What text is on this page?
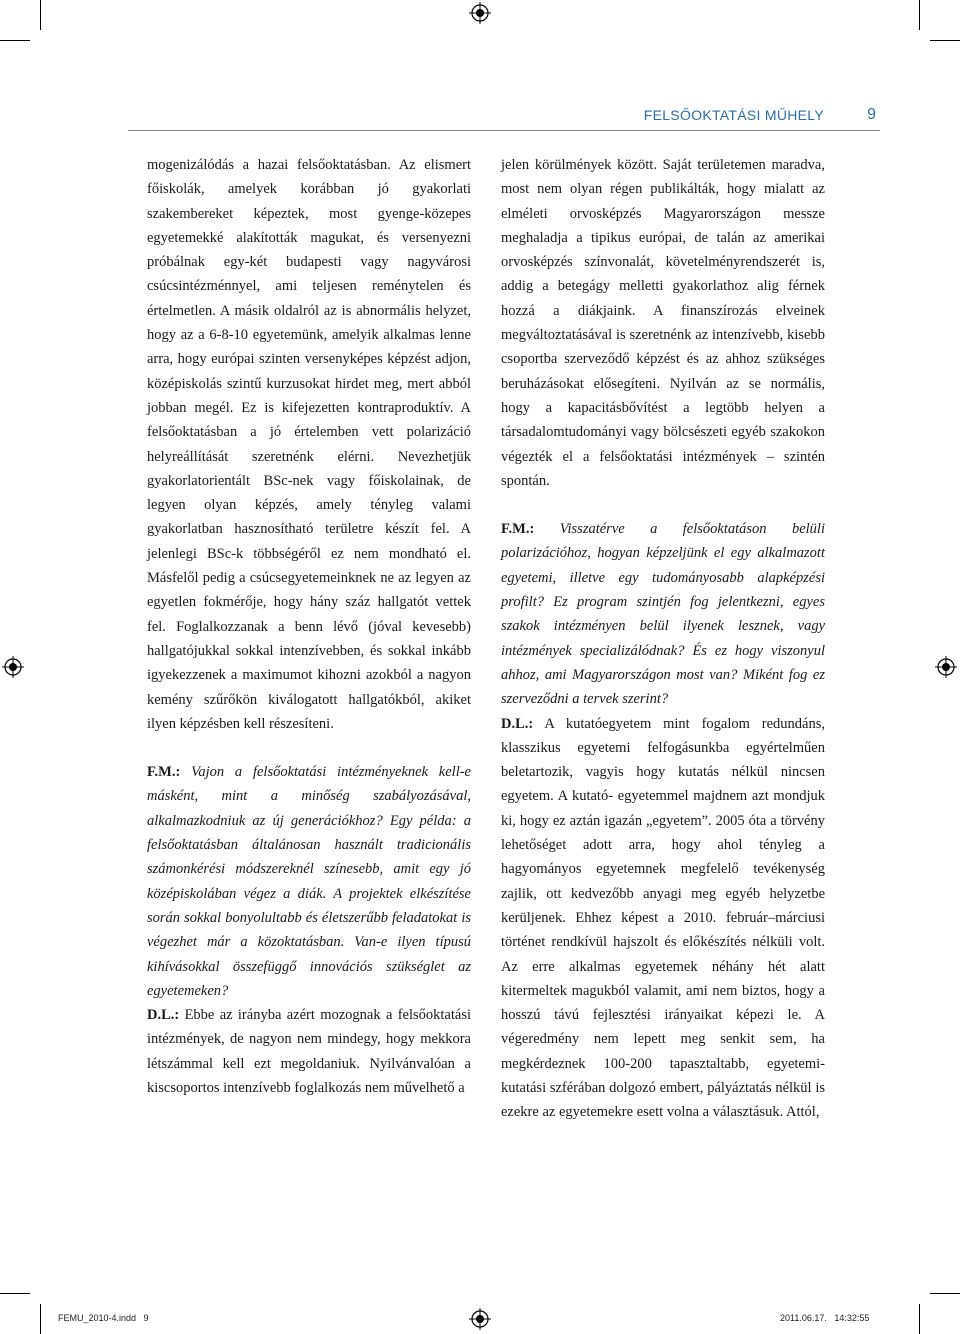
FELSŐOKTATÁSI MŰHELY	9

mogenizálódás a hazai felsőoktatásban. Az elismert főiskolák, amelyek korábban jó gyakorlati szakembereket képeztek, most gyenge-közepes egyetemekké alakították magukat, és versenyezni próbálnak egy-két budapesti vagy nagyvárosi csúcsintézménnyel, ami teljesen reménytelen és értelmetlen. A másik oldalról az is abnormális helyzet, hogy az a 6-8-10 egyetemünk, amelyik alkalmas lenne arra, hogy európai szinten versenyképes képzést adjon, középiskolás szintű kurzusokat hirdet meg, mert abból jobban megél. Ez is kifejezetten kontraproduktív. A felsőoktatásban a jó értelemben vett polarizáció helyreállítását szeretnénk elérni. Nevezhetjük gyakorlatorientált BSc-nek vagy főiskolainak, de legyen olyan képzés, amely tényleg valami gyakorlatban hasznosítható területre készít fel. A jelenlegi BSc-k többségéről ez nem mondható el. Másfelől pedig a csúcsegyetemeinknek ne az legyen az egyetlen fokmérője, hogy hány száz hallgatót vettek fel. Foglalkozzanak a benn lévő (jóval kevesebb) hallgatójukkal sokkal intenzívebben, és sokkal inkább igyekezzenek a maximumot kihozni azokból a nagyon kemény szűrőkön kiválogatott hallgatókból, akiket ilyen képzésben kell részesíteni.

F.M.: Vajon a felsőoktatási intézményeknek kell-e másként, mint a minőség szabályozásával, alkalmazkodniuk az új generációkhoz? Egy példa: a felsőoktatásban általánosan használt tradicionális számonkérési módszereknél színesebb, amit egy jó középiskolában végez a diák. A projektek elkészítése során sokkal bonyolultabb és életszerűbb feladatokat is végezhet már a közoktatásban. Van-e ilyen típusú kihívásokkal összefüggő innovációs szükséglet az egyetemeken?

D.L.: Ebbe az irányba azért mozognak a felsőoktatási intézmények, de nagyon nem mindegy, hogy mekkora létszámmal kell ezt megoldaniuk. Nyilvánvalóan a kiscsoportos intenzívebb foglalkozás nem művelhető a

jelen körülmények között. Saját területemen maradva, most nem olyan régen publikálták, hogy mialatt az elméleti orvosképzés Magyarországon messze meghaladja a tipikus európai, de talán az amerikai orvosképzés színvonalát, követelményrendszerét is, addig a betegágy melletti gyakorlathoz alig férnek hozzá a diákjaink. A finanszírozás elveinek megváltoztatásával is szeretnénk az intenzívebb, kisebb csoportba szerveződő képzést és az ahhoz szükséges beruházásokat elősegíteni. Nyilván az se normális, hogy a kapacitásbővítést a legtöbb helyen a társadalomtudományi vagy bölcsészeti egyéb szakokon végezték el a felsőoktatási intézmények – szintén spontán.

F.M.: Visszatérve a felsőoktatáson belüli polarizációhoz, hogyan képzeljünk el egy alkalmazott egyetemi, illetve egy tudományosabb alapképzési profilt? Ez program szintjén fog jelentkezni, egyes szakok intézményen belül ilyenek lesznek, vagy intézmények specializálódnak? És ez hogy viszonyul ahhoz, ami Magyarországon most van? Miként fog ez szerveződni a tervek szerint?

D.L.: A kutatóegyetem mint fogalom redundáns, klasszikus egyetemi felfogásunkba egyértelműen beletartozik, vagyis hogy kutatás nélkül nincsen egyetem. A kutató- egyetemmel majdnem azt mondjuk ki, hogy ez aztán igazán „egyetem”. 2005 óta a törvény lehetőséget adott arra, hogy ahol tényleg a hagyományos egyetemnek megfelelő tevékenység zajlik, ott kedvezőbb anyagi meg egyéb helyzetbe kerüljenek. Ehhez képest a 2010. február–márciusi történet rendkívül hajszolt és előkészítés nélküli volt. Az erre alkalmas egyetemek néhány hét alatt kitermeltek magukból valamit, ami nem biztos, hogy a hosszú távú fejlesztési irányaikat képezi le. A végeredmény nem lepett meg senkit sem, ha megkérdeznek 100-200 tapasztaltabb, egyetemi-kutatási szférában dolgozó embert, pályáztatás nélkül is ezekre az egyetemekre esett volna a választásuk. Attól,

FEMU_2010-4.indd   9	2011.06.17.   14:32:55
